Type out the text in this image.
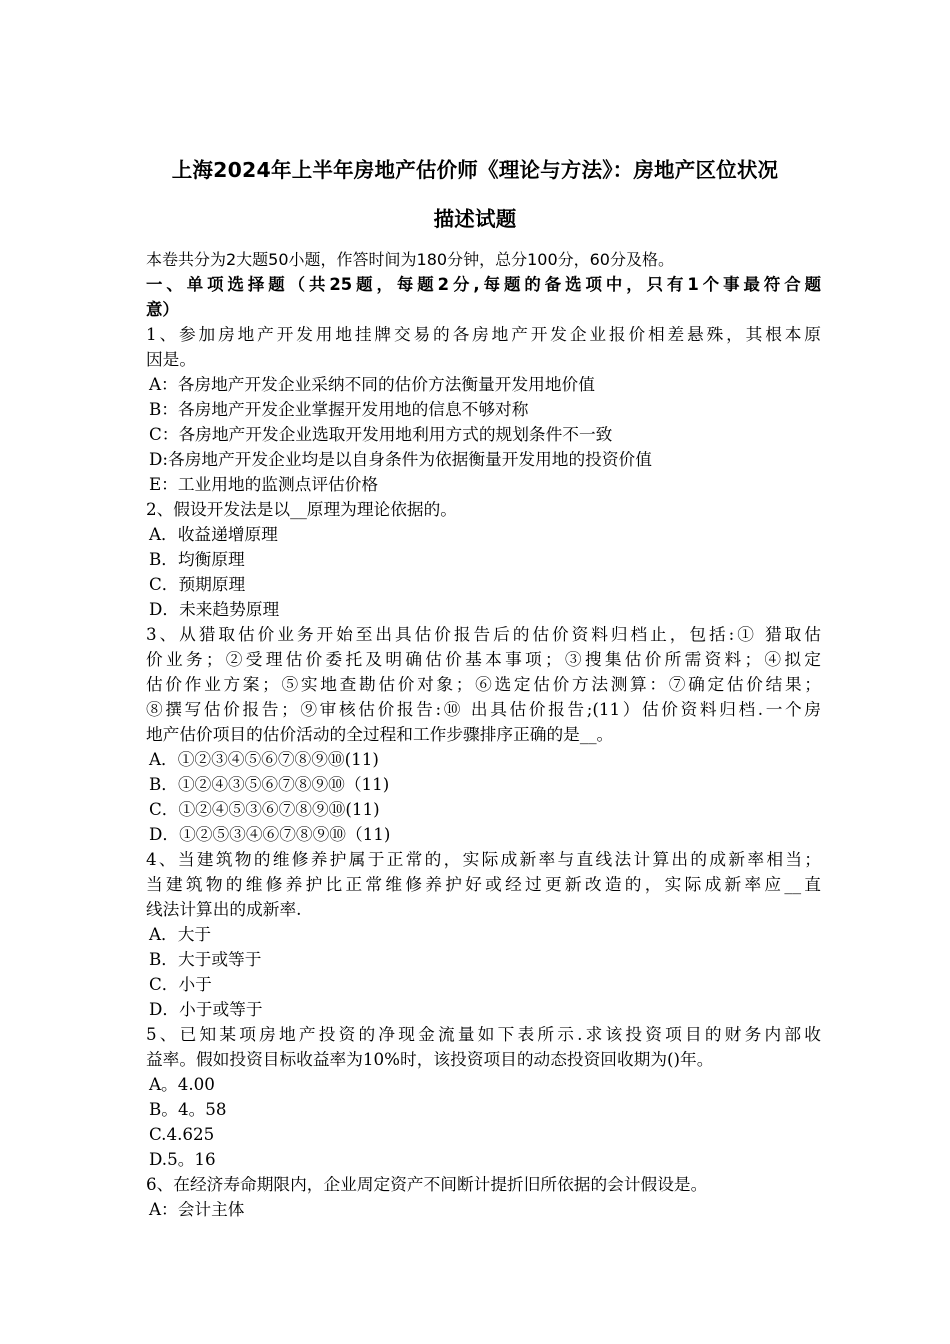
上海2024年上半年房地产估价师《理论与方法》：房地产区位状况
描述试题
本卷共分为2大题50小题，作答时间为180分钟，总分100分，60分及格。
一、单项选择题（共25题，每题2分,每题的备选项中，只有1个事最符合题
意）
1、参加房地产开发用地挂牌交易的各房地产开发企业报价相差悬殊，其根本原
因是。
A：各房地产开发企业采纳不同的估价方法衡量开发用地价值
B：各房地产开发企业掌握开发用地的信息不够对称
C：各房地产开发企业选取开发用地利用方式的规划条件不一致
D:各房地产开发企业均是以自身条件为依据衡量开发用地的投资价值
E：工业用地的监测点评估价格
2、假设开发法是以__原理为理论依据的。
A．收益递增原理
B．均衡原理
C．预期原理
D．未来趋势原理
3、从猎取估价业务开始至出具估价报告后的估价资料归档止，包括:① 猎取估
价业务；②受理估价委托及明确估价基本事项；③搜集估价所需资料；④拟定
估价作业方案；⑤实地查勘估价对象；⑥选定估价方法测算：⑦确定估价结果；
⑧撰写估价报告；⑨审核估价报告:⑩ 出具估价报告;(11）估价资料归档.一个房
地产估价项目的估价活动的全过程和工作步骤排序正确的是__。
A．①②③④⑤⑥⑦⑧⑨⑩(11)
B．①②④③⑤⑥⑦⑧⑨⑩（11)
C．①②④⑤③⑥⑦⑧⑨⑩(11)
D．①②⑤③④⑥⑦⑧⑨⑩（11)
4、当建筑物的维修养护属于正常的，实际成新率与直线法计算出的成新率相当；
当建筑物的维修养护比正常维修养护好或经过更新改造的，实际成新率应__直
线法计算出的成新率.
A．大于
B．大于或等于
C．小于
D．小于或等于
5、已知某项房地产投资的净现金流量如下表所示.求该投资项目的财务内部收
益率。假如投资目标收益率为10%时，该投资项目的动态投资回收期为()年。
A。4.00
B。4。58
C.4.625
D.5。16
6、在经济寿命期限内，企业周定资产不间断计提折旧所依据的会计假设是。
A：会计主体
